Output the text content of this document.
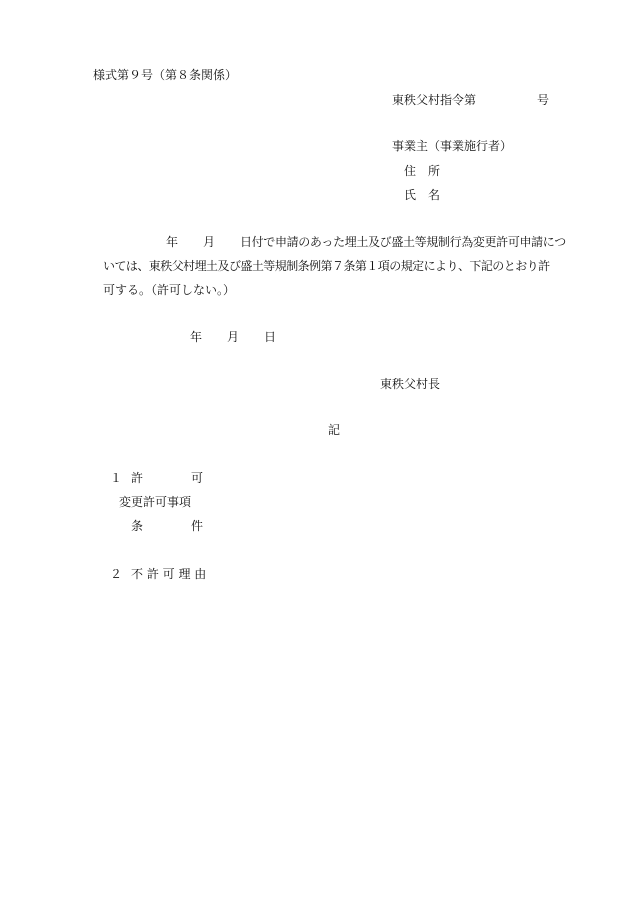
様式第９号（第８条関係）
東秩父村指令第	号
事業主（事業施行者）
住　所
氏　名
年 月 日付で申請のあった埋土及び盛土等規制行為変更許可申請につ
いては、東秩父村埋土及び盛土等規制条例第７条第１項の規定により、下記のとおり許
可する。（許可しない。）
年 月 日
東秩父村長
記
１ 許	可
変更許可事項
条	件
２ 不 許 可 理 由
